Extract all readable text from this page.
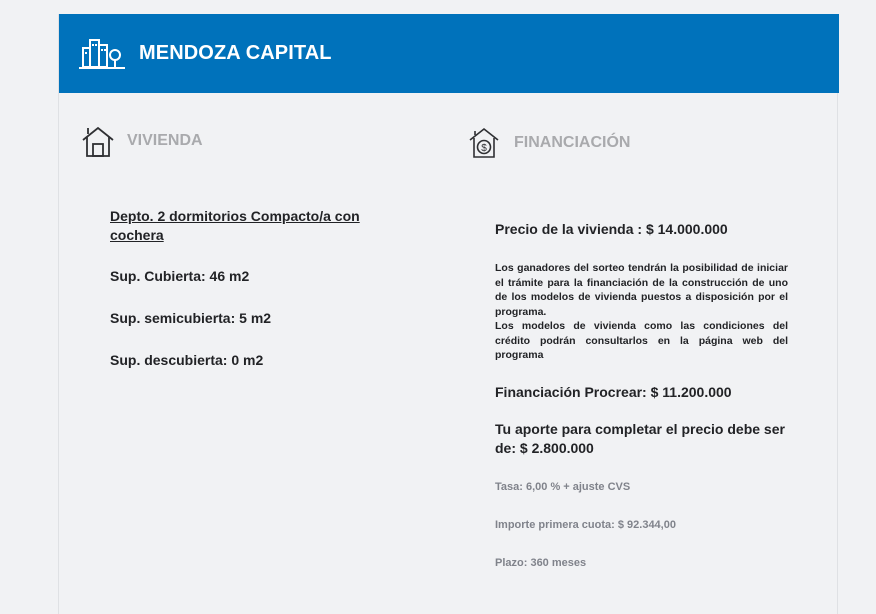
MENDOZA CAPITAL
VIVIENDA	$ FINANCIACIÓN
Depto. 2 dormitorios Compacto/a con cochera
Sup. Cubierta: 46 m2
Sup. semicubierta: 5 m2
Sup. descubierta: 0 m2
Precio de la vivienda : $ 14.000.000

Los ganadores del sorteo tendrán la posibilidad de iniciar el trámite para la financiación de la construcción de uno de los modelos de vivienda puestos a disposición por el programa.

Los modelos de vivienda como las condiciones del crédito podrán consultarlos en la página web del programa

Financiación Procrear: $ 11.200.000
Tu aporte para completar el precio debe ser de: $ 2.800.000
Tasa: 6,00 % + ajuste CVS
Importe primera cuota: $ 92.344,00
Plazo: 360 meses
